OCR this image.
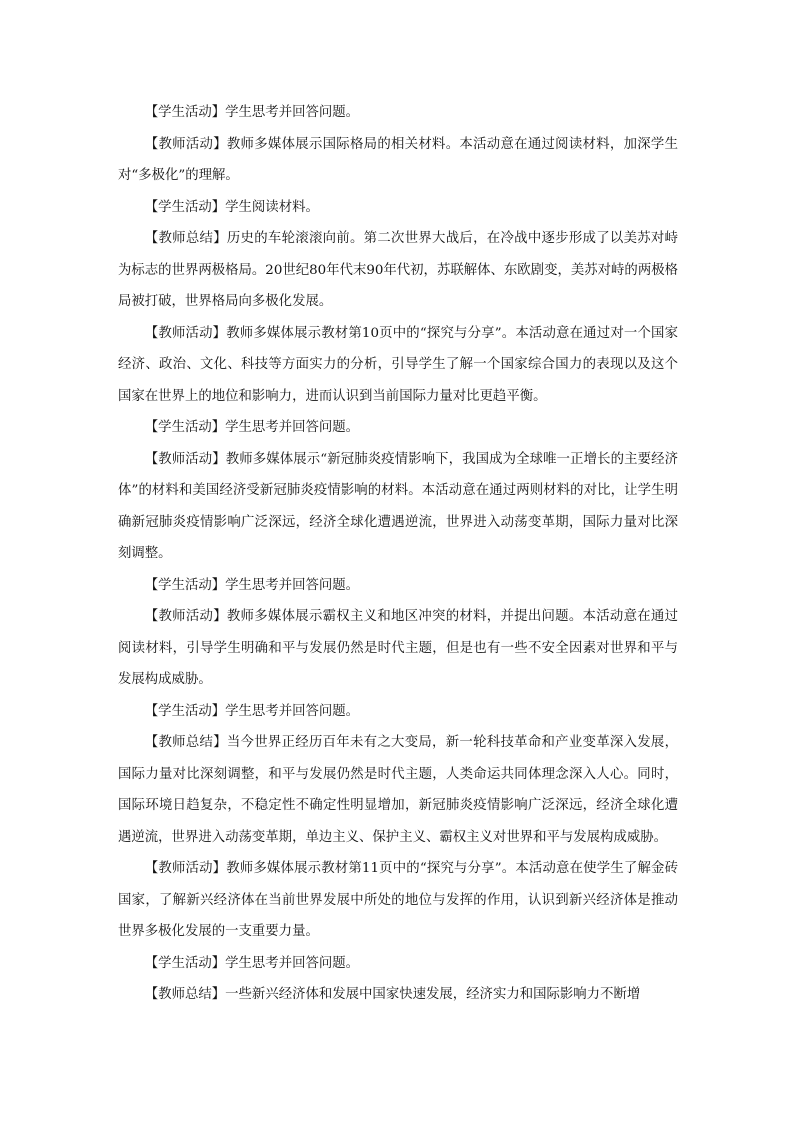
【学生活动】学生思考并回答问题。

【教师活动】教师多媒体展示国际格局的相关材料。本活动意在通过阅读材料，加深学生对“多极化”的理解。

【学生活动】学生阅读材料。

【教师总结】历史的车轮滚滚向前。第二次世界大战后，在冷战中逐步形成了以美苏对峙为标志的世界两极格局。20世纪80年代末90年代初，苏联解体、东欧剧变，美苏对峙的两极格局被打破，世界格局向多极化发展。

【教师活动】教师多媒体展示教材第10页中的“探究与分享”。本活动意在通过对一个国家经济、政治、文化、科技等方面实力的分析，引导学生了解一个国家综合国力的表现以及这个国家在世界上的地位和影响力，进而认识到当前国际力量对比更趋平衡。

【学生活动】学生思考并回答问题。

【教师活动】教师多媒体展示“新冠肺炎疫情影响下，我国成为全球唯一正增长的主要经济体”的材料和美国经济受新冠肺炎疫情影响的材料。本活动意在通过两则材料的对比，让学生明确新冠肺炎疫情影响广泛深远，经济全球化遭遇逆流，世界进入动荡变革期，国际力量对比深刻调整。

【学生活动】学生思考并回答问题。

【教师活动】教师多媒体展示霸权主义和地区冲突的材料，并提出问题。本活动意在通过阅读材料，引导学生明确和平与发展仍然是时代主题，但是也有一些不安全因素对世界和平与发展构成威胁。

【学生活动】学生思考并回答问题。

【教师总结】当今世界正经历百年未有之大变局，新一轮科技革命和产业变革深入发展，国际力量对比深刻调整，和平与发展仍然是时代主题，人类命运共同体理念深入人心。同时，国际环境日趋复杂，不稳定性不确定性明显增加，新冠肺炎疫情影响广泛深远，经济全球化遭遇逆流，世界进入动荡变革期，单边主义、保护主义、霸权主义对世界和平与发展构成威胁。

【教师活动】教师多媒体展示教材第11页中的“探究与分享”。本活动意在使学生了解金砖国家，了解新兴经济体在当前世界发展中所处的地位与发挥的作用，认识到新兴经济体是推动世界多极化发展的一支重要力量。

【学生活动】学生思考并回答问题。

【教师总结】一些新兴经济体和发展中国家快速发展，经济实力和国际影响力不断增
